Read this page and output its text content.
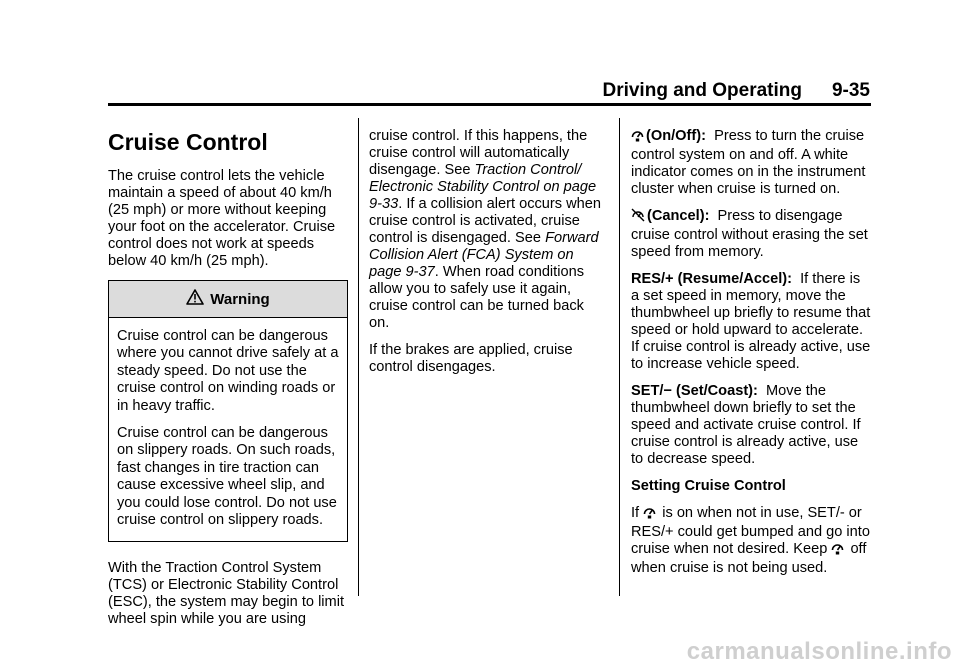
Driving and Operating 9-35
Cruise Control

The cruise control lets the vehicle maintain a speed of about 40 km/h (25 mph) or more without keeping your foot on the accelerator. Cruise control does not work at speeds below 40 km/h (25 mph).

Warning

Cruise control can be dangerous where you cannot drive safely at a steady speed. Do not use the cruise control on winding roads or in heavy traffic.

Cruise control can be dangerous on slippery roads. On such roads, fast changes in tire traction can cause excessive wheel slip, and you could lose control. Do not use cruise control on slippery roads.

With the Traction Control System (TCS) or Electronic Stability Control (ESC), the system may begin to limit wheel spin while you are using

cruise control. If this happens, the cruise control will automatically disengage. See Traction Control/ Electronic Stability Control on page 9-33. If a collision alert occurs when cruise control is activated, cruise control is disengaged. See Forward Collision Alert (FCA) System on page 9-37. When road conditions allow you to safely use it again, cruise control can be turned back on.

If the brakes are applied, cruise control disengages.

(On/Off): Press to turn the cruise control system on and off. A white indicator comes on in the instrument cluster when cruise is turned on.

(Cancel): Press to disengage cruise control without erasing the set speed from memory.

RES/+ (Resume/Accel): If there is a set speed in memory, move the thumbwheel up briefly to resume that speed or hold upward to accelerate. If cruise control is already active, use to increase vehicle speed.

SET/− (Set/Coast): Move the thumbwheel down briefly to set the speed and activate cruise control. If cruise control is already active, use to decrease speed.

Setting Cruise Control

If  is on when not in use, SET/- or RES/+ could get bumped and go into cruise when not desired. Keep  off when cruise is not being used.

carmanualsonline.info
